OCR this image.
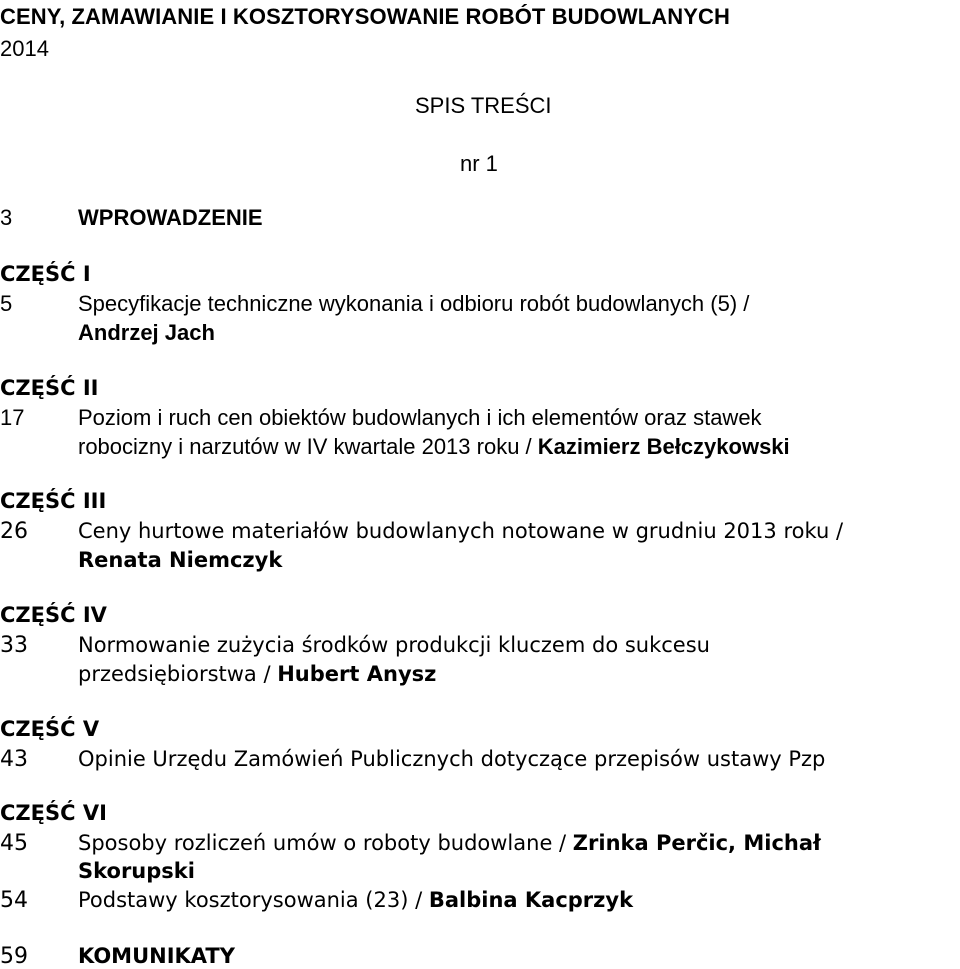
CENY, ZAMAWIANIE I KOSZTORYSOWANIE ROBÓT BUDOWLANYCH
2014
SPIS TREŚCI
nr 1
3	WPROWADZENIE
CZĘŚĆ I
5	Specyfikacje techniczne wykonania i odbioru robót budowlanych (5) /
Andrzej Jach
CZĘŚĆ II
17 Poziom i ruch cen obiektów budowlanych i ich elementów oraz stawek
robocizny i narzutów w IV kwartale 2013 roku / Kazimierz Bełczykowski
CZĘŚĆ III
26 Ceny hurtowe materiałów budowlanych notowane w grudniu 2013 roku /
Renata Niemczyk
CZĘŚĆ IV
33 Normowanie zużycia środków produkcji kluczem do sukcesu
przedsiębiorstwa / Hubert Anysz
CZĘŚĆ V
43 Opinie Urzędu Zamówień Publicznych dotyczące przepisów ustawy Pzp
CZĘŚĆ VI
45 Sposoby rozliczeń umów o roboty budowlane / Zrinka Perčic, Michał
Skorupski
54 Podstawy kosztorysowania (23) / Balbina Kacprzyk
59 KOMUNIKATY
